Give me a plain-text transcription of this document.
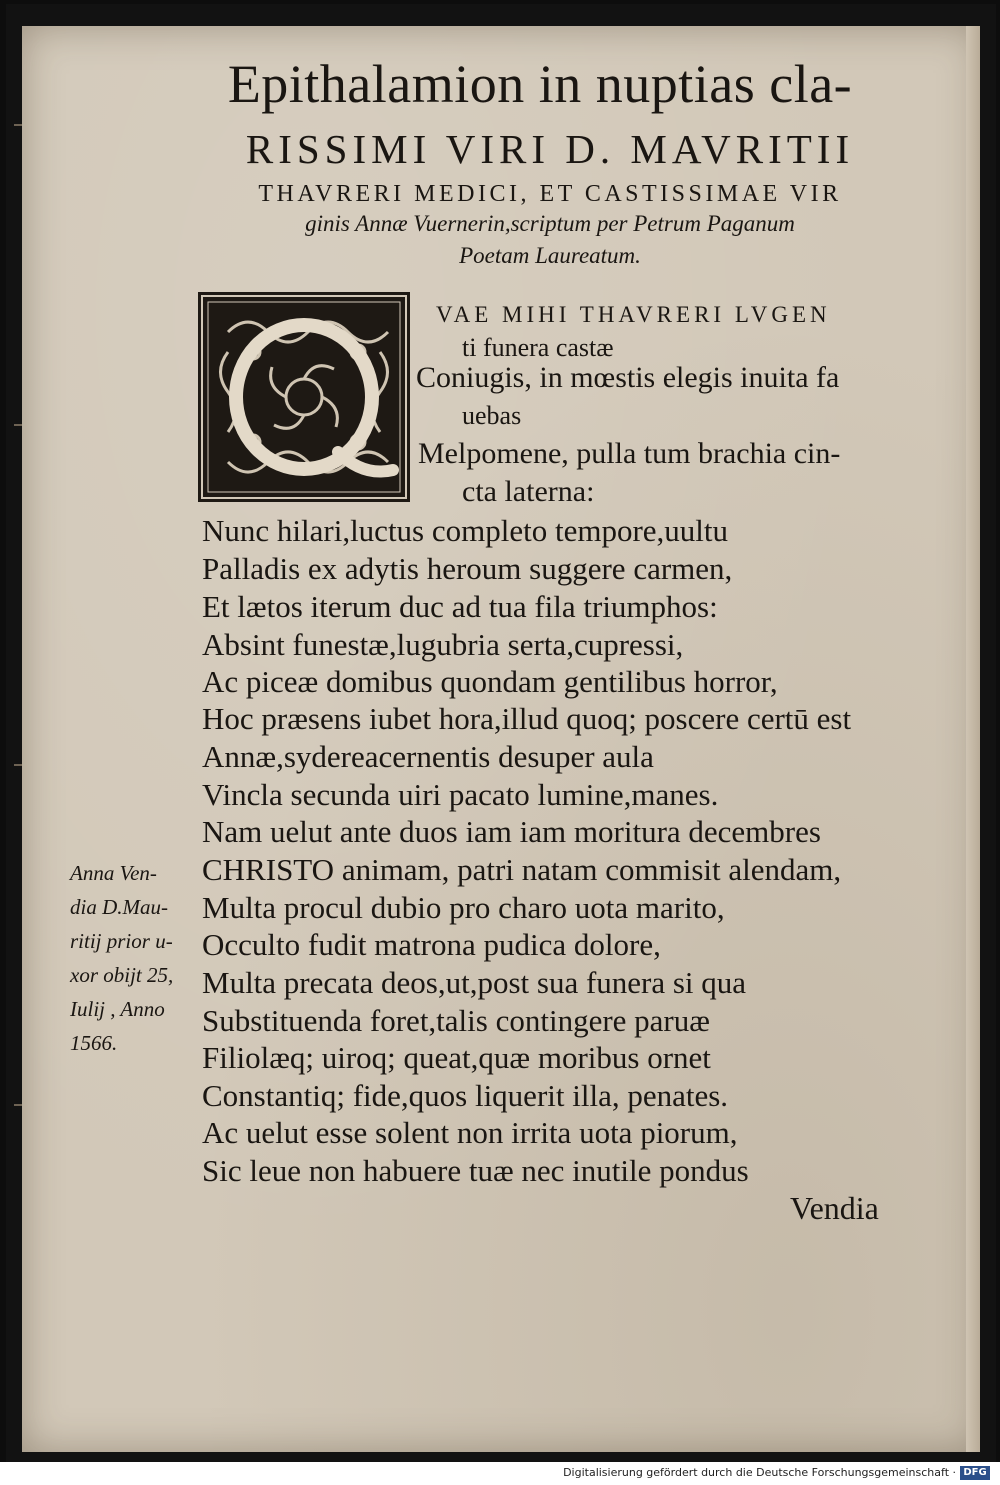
Epithalamion in nuptias cla-
RISSIMI VIRI D. MAVRITII
THAVRERI MEDICI, ET CASTISSIMAE VIR
ginis Annæ Vuernerin,scriptum per Petrum Paganum
Poetam Laureatum.
VAE MIHI THAVRERI LVGEN
ti funera castæ
Coniugis, in mœstis elegis inuita fa
uebas
Melpomene, pulla tum brachia cin-
cta laterna:
Nunc hilari,luctus completo tempore,uultu
Palladis ex adytis heroum suggere carmen,
Et lætos iterum duc ad tua fila triumphos:
Absint funestæ,lugubria serta,cupressi,
Ac piceæ domibus quondam gentilibus horror,
Hoc præsens iubet hora,illud quoq; poscere certū est
Annæ,sydereacernentis desuper aula
Vincla secunda uiri pacato lumine,manes.
Nam uelut ante duos iam iam moritura decembres
CHRISTO animam, patri natam commisit alendam,
Multa procul dubio pro charo uota marito,
Occulto fudit matrona pudica dolore,
Multa precata deos,ut,post sua funera si qua
Substituenda foret,talis contingere paruæ
Filiolæq; uiroq; queat,quæ moribus ornet
Constantiq; fide,quos liquerit illa, penates.
Ac uelut esse solent non irrita uota piorum,
Sic leue non habuere tuæ nec inutile pondus
Anna Ven-
dia D.Mau-
ritij prior u-
xor obijt 25,
Iulij , Anno
1566.
Vendia
Digitalisierung gefördert durch die Deutsche Forschungsgemeinschaft · DFG
